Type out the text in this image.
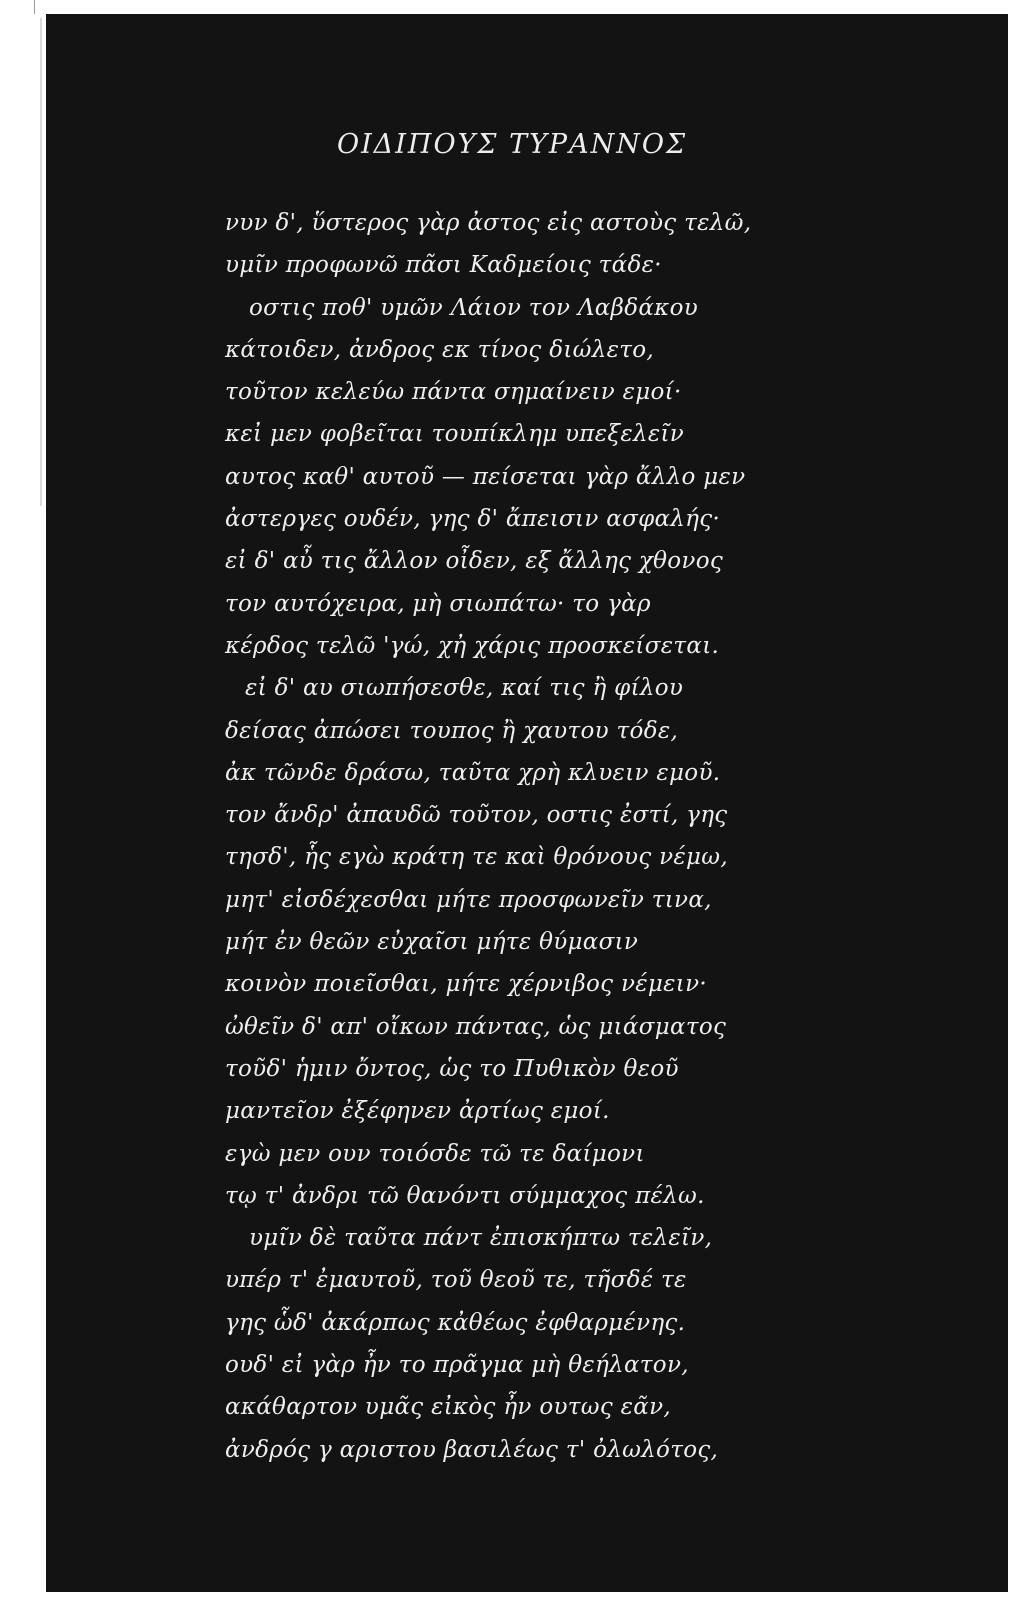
ΟΙΔΙΠΟΥΣ ΤΥΡΑΝΝΟΣ
νυν δ', ὕστερος γὰρ ἀστος εἰς αστοὺς τελῶ,
υμῖν προφωνῶ πᾶσι Καδμείοις τάδε·
οστις ποθ' υμῶν Λάιον τον Λαβδάκου
κάτοιδεν, ἀνδρος εκ τίνος διώλετο,
τοῦτον κελεύω πάντα σημαίνειν εμοί·
κεἰ μεν φοβεῖται τουπίκλημ υπεξελεῖν
αυτος καθ' αυτοῦ — πείσεται γὰρ ἄλλο μεν
ἀστεργες ουδέν, γης δ' ἄπεισιν ασφαλής·
εἰ δ' αὖ τις ἄλλον οἶδεν, εξ ἄλλης χθονος
τον αυτόχειρα, μὴ σιωπάτω· το γὰρ
κέρδος τελῶ 'γώ, χἠ χάρις προσκείσεται.
εἰ δ' αυ σιωπήσεσθε, καί τις ἢ φίλου
δείσας ἀπώσει τουπος ἢ χαυτου τόδε,
ἀκ τῶνδε δράσω, ταῦτα χρὴ κλυειν εμοῦ.
τον ἄνδρ' ἀπαυδῶ τοῦτον, οστις ἐστί, γης
τησδ', ἧς εγὼ κράτη τε καὶ θρόνους νέμω,
μητ' εἰσδέχεσθαι μήτε προσφωνεῖν τινα,
μήτ ἐν θεῶν εὐχαῖσι μήτε θύμασιν
κοινὸν ποιεῖσθαι, μήτε χέρνιβος νέμειν·
ὠθεῖν δ' απ' οἴκων πάντας, ὡς μιάσματος
τοῦδ' ἡμιν ὄντος, ὡς το Πυθικὸν θεοῦ
μαντεῖον ἐξέφηνεν ἀρτίως εμοί.
εγὼ μεν ουν τοιόσδε τῶ τε δαίμονι
τῳ τ' ἀνδρι τῶ θανόντι σύμμαχος πέλω.
υμῖν δὲ ταῦτα πάντ ἐπισκήπτω τελεῖν,
υπέρ τ' ἐμαυτοῦ, τοῦ θεοῦ τε, τῆσδέ τε
γης ὧδ' ἀκάρπως κἀθέως ἐφθαρμένης.
ουδ' εἰ γὰρ ἦν το πρᾶγμα μὴ θεήλατον,
ακάθαρτον υμᾶς εἰκὸς ἦν ουτως εᾶν,
ἀνδρός γ αριστου βασιλέως τ' ὀλωλότος,
